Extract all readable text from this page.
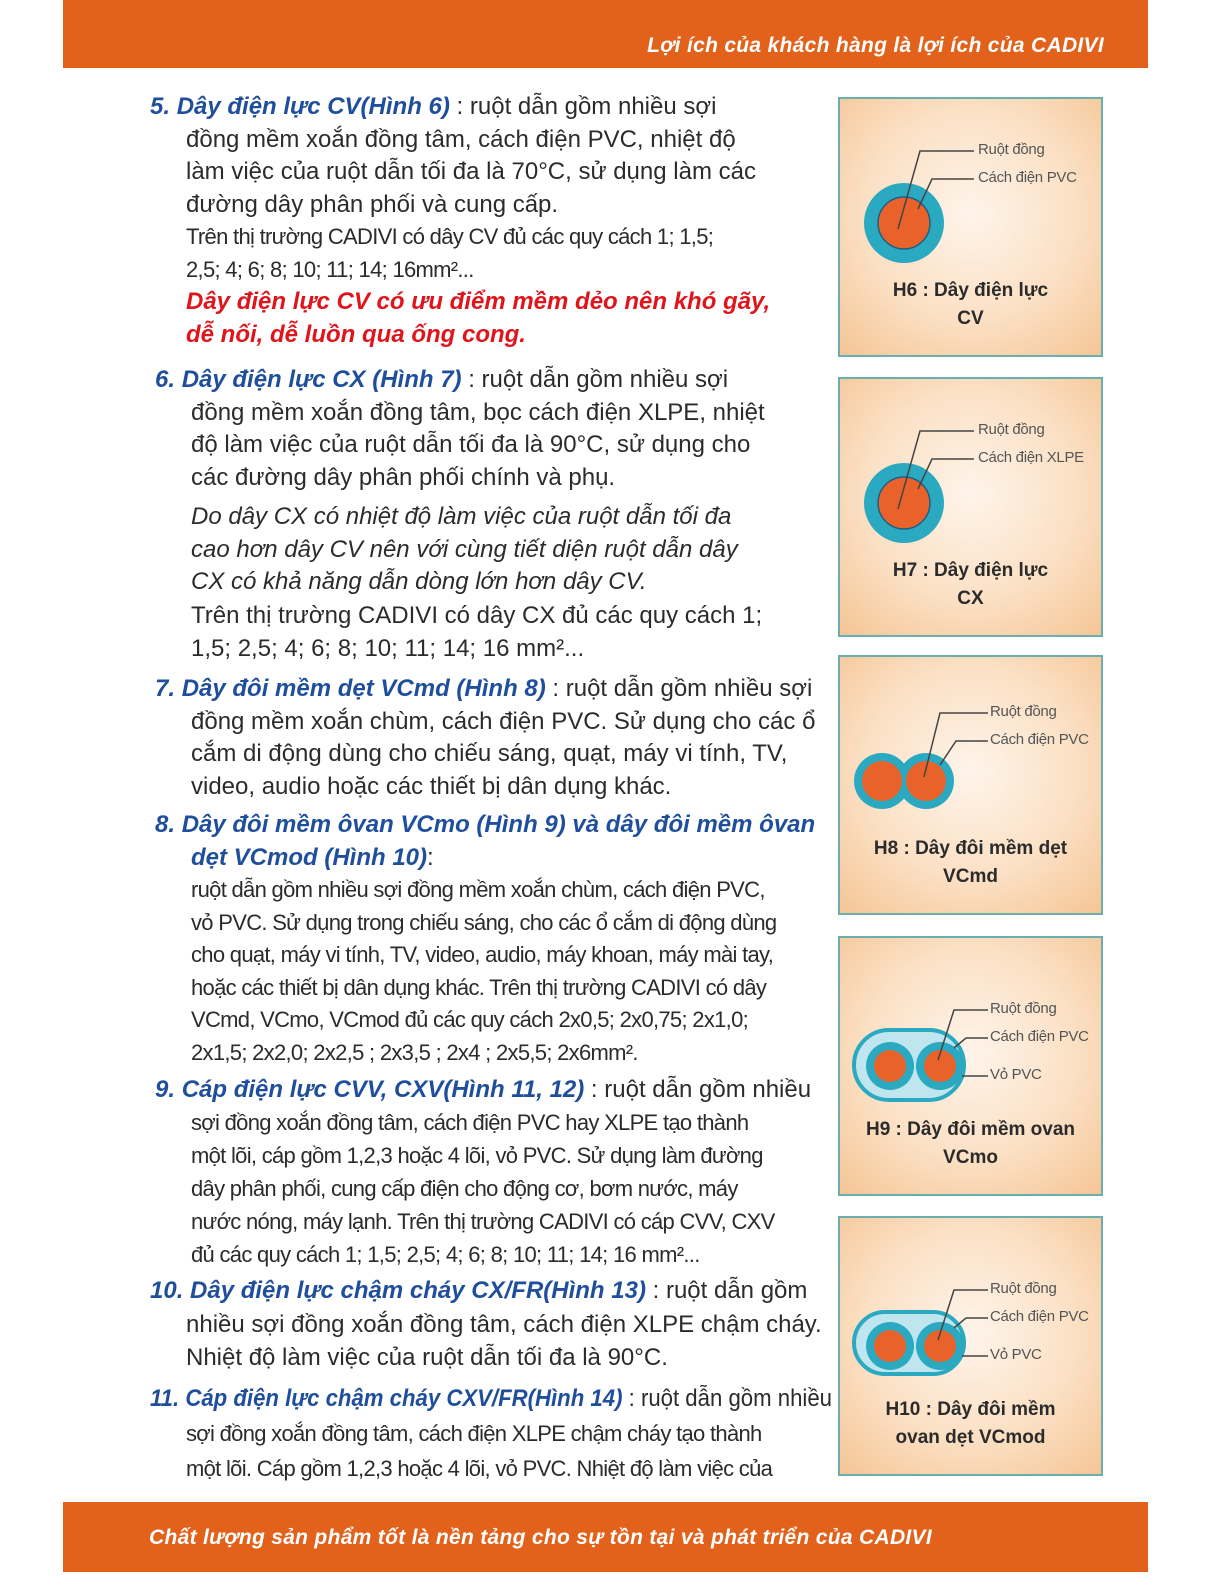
Lợi ích của khách hàng là lợi ích của CADIVI
5. Dây điện lực CV(Hình 6) : ruột dẫn gồm nhiều sợi
đồng mềm xoắn đồng tâm, cách điện PVC, nhiệt độ
làm việc của ruột dẫn tối đa là 70°C, sử dụng làm các
đường dây phân phối và cung cấp.
Trên thị trường CADIVI có dây CV đủ các quy cách 1; 1,5;
2,5; 4; 6; 8; 10; 11; 14; 16mm²...
Dây điện lực CV có ưu điểm mềm dẻo nên khó gãy,
dễ nối, dễ luồn qua ống cong.
6. Dây điện lực CX (Hình 7) : ruột dẫn gồm nhiều sợi
đồng mềm xoắn đồng tâm, bọc cách điện XLPE, nhiệt
độ làm việc của ruột dẫn tối đa là 90°C, sử dụng cho
các đường dây phân phối chính và phụ.
Do dây CX có nhiệt độ làm việc của ruột dẫn tối đa
cao hơn dây CV nên với cùng tiết diện ruột dẫn dây
CX có khả năng dẫn dòng lớn hơn dây CV.
Trên thị trường CADIVI có dây CX đủ các quy cách 1;
1,5; 2,5; 4; 6; 8; 10; 11; 14; 16 mm²...
7. Dây đôi mềm dẹt VCmd (Hình 8) : ruột dẫn gồm nhiều sợi
đồng mềm xoắn chùm, cách điện PVC. Sử dụng cho các ổ
cắm di động dùng cho chiếu sáng, quạt, máy vi tính, TV,
video, audio hoặc các thiết bị dân dụng khác.
8. Dây đôi mềm ôvan VCmo (Hình 9) và dây đôi mềm ôvan
dẹt VCmod (Hình 10):
ruột dẫn gồm nhiều sợi đồng mềm xoắn chùm, cách điện PVC,
vỏ PVC. Sử dụng trong chiếu sáng, cho các ổ cắm di động dùng
cho quạt, máy vi tính, TV, video, audio, máy khoan, máy mài tay,
hoặc các thiết bị dân dụng khác. Trên thị trường CADIVI có dây
VCmd, VCmo, VCmod đủ các quy cách 2x0,5; 2x0,75; 2x1,0;
2x1,5; 2x2,0; 2x2,5 ; 2x3,5 ; 2x4 ; 2x5,5; 2x6mm².
9. Cáp điện lực CVV, CXV(Hình 11, 12) : ruột dẫn gồm nhiều
sợi đồng xoắn đồng tâm, cách điện PVC hay XLPE tạo thành
một lõi, cáp gồm 1,2,3 hoặc 4 lõi, vỏ PVC. Sử dụng làm đường
dây phân phối, cung cấp điện cho động cơ, bơm nước, máy
nước nóng, máy lạnh. Trên thị trường CADIVI có cáp CVV, CXV
đủ các quy cách 1; 1,5; 2,5; 4; 6; 8; 10; 11; 14; 16 mm²...
10. Dây điện lực chậm cháy CX/FR(Hình 13) : ruột dẫn gồm
nhiều sợi đồng xoắn đồng tâm, cách điện XLPE chậm cháy.
Nhiệt độ làm việc của ruột dẫn tối đa là 90°C.
11. Cáp điện lực chậm cháy CXV/FR(Hình 14) : ruột dẫn gồm nhiều
sợi đồng xoắn đồng tâm, cách điện XLPE chậm cháy tạo thành
một lõi. Cáp gồm 1,2,3 hoặc 4 lõi, vỏ PVC. Nhiệt độ làm việc của
Ruột đồng
Cách điện PVC
H6 : Dây điện lực
CV
Ruột đồng
Cách điện XLPE
H7 : Dây điện lực
CX
Ruột đồng
Cách điện PVC
H8 : Dây đôi mềm dẹt
VCmd
Ruột đồng
Cách điện PVC
Vỏ PVC
H9 : Dây đôi mềm ovan
VCmo
Ruột đồng
Cách điện PVC
Vỏ PVC
H10 : Dây đôi mềm
ovan dẹt VCmod
Chất lượng sản phẩm tốt là nền tảng cho sự tồn tại và phát triển của CADIVI
